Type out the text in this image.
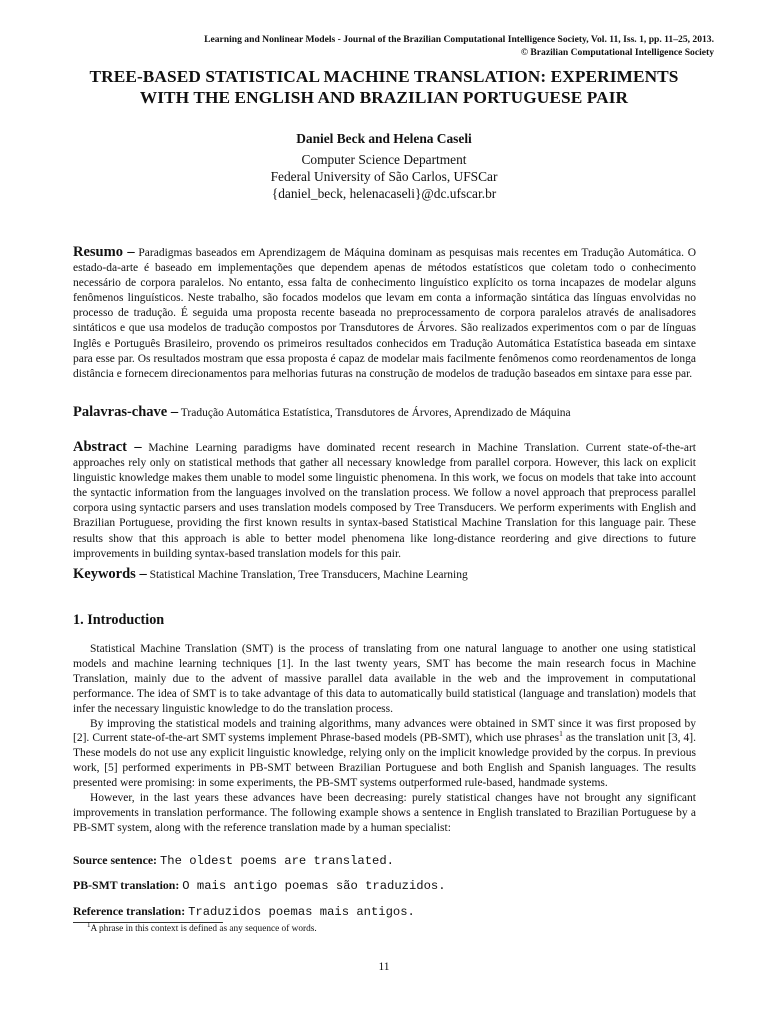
Learning and Nonlinear Models - Journal of the Brazilian Computational Intelligence Society, Vol. 11, Iss. 1, pp. 11–25, 2013.
© Brazilian Computational Intelligence Society
TREE-BASED STATISTICAL MACHINE TRANSLATION: EXPERIMENTS
WITH THE ENGLISH AND BRAZILIAN PORTUGUESE PAIR
Daniel Beck and Helena Caseli
Computer Science Department
Federal University of São Carlos, UFSCar
{daniel_beck, helenacaseli}@dc.ufscar.br
Resumo – Paradigmas baseados em Aprendizagem de Máquina dominam as pesquisas mais recentes em Tradução Automática. O estado-da-arte é baseado em implementações que dependem apenas de métodos estatísticos que coletam todo o conhecimento necessário de corpora paralelos. No entanto, essa falta de conhecimento linguístico explícito os torna incapazes de modelar alguns fenômenos linguísticos. Neste trabalho, são focados modelos que levam em conta a informação sintática das línguas envolvidas no processo de tradução. É seguida uma proposta recente baseada no preprocessamento de corpora paralelos através de analisadores sintáticos e que usa modelos de tradução compostos por Transdutores de Árvores. São realizados experimentos com o par de línguas Inglês e Português Brasileiro, provendo os primeiros resultados conhecidos em Tradução Automática Estatística baseada em sintaxe para esse par. Os resultados mostram que essa proposta é capaz de modelar mais facilmente fenômenos como reordenamentos de longa distância e fornecem direcionamentos para melhorias futuras na construção de modelos de tradução baseados em sintaxe para esse par.
Palavras-chave – Tradução Automática Estatística, Transdutores de Árvores, Aprendizado de Máquina
Abstract – Machine Learning paradigms have dominated recent research in Machine Translation. Current state-of-the-art approaches rely only on statistical methods that gather all necessary knowledge from parallel corpora. However, this lack on explicit linguistic knowledge makes them unable to model some linguistic phenomena. In this work, we focus on models that take into account the syntactic information from the languages involved on the translation process. We follow a novel approach that preprocess parallel corpora using syntactic parsers and uses translation models composed by Tree Transducers. We perform experiments with English and Brazilian Portuguese, providing the first known results in syntax-based Statistical Machine Translation for this language pair. These results show that this approach is able to better model phenomena like long-distance reordering and give directions to future improvements in building syntax-based translation models for this pair.
Keywords – Statistical Machine Translation, Tree Transducers, Machine Learning
1. Introduction

Statistical Machine Translation (SMT) is the process of translating from one natural language to another one using statistical models and machine learning techniques [1]. In the last twenty years, SMT has become the main research focus in Machine Translation, mainly due to the advent of massive parallel data available in the web and the improvement in computational performance. The idea of SMT is to take advantage of this data to automatically build statistical (language and translation) models that infer the necessary linguistic knowledge to do the translation process.

By improving the statistical models and training algorithms, many advances were obtained in SMT since it was first proposed by [2]. Current state-of-the-art SMT systems implement Phrase-based models (PB-SMT), which use phrases$^1$ as the translation unit [3, 4]. These models do not use any explicit linguistic knowledge, relying only on the implicit knowledge provided by the corpus. In previous work, [5] performed experiments in PB-SMT between Brazilian Portuguese and both English and Spanish languages. The results presented were promising: in some experiments, the PB-SMT systems outperformed rule-based, handmade systems.

However, in the last years these advances have been decreasing: purely statistical changes have not brought any significant improvements in translation performance. The following example shows a sentence in English translated to Brazilian Portuguese by a PB-SMT system, along with the reference translation made by a human specialist:

Source sentence: The oldest poems are translated.
PB-SMT translation: O mais antigo poemas são traduzidos.
Reference translation: Traduzidos poemas mais antigos.
$^1$A phrase in this context is defined as any sequence of words.
11
